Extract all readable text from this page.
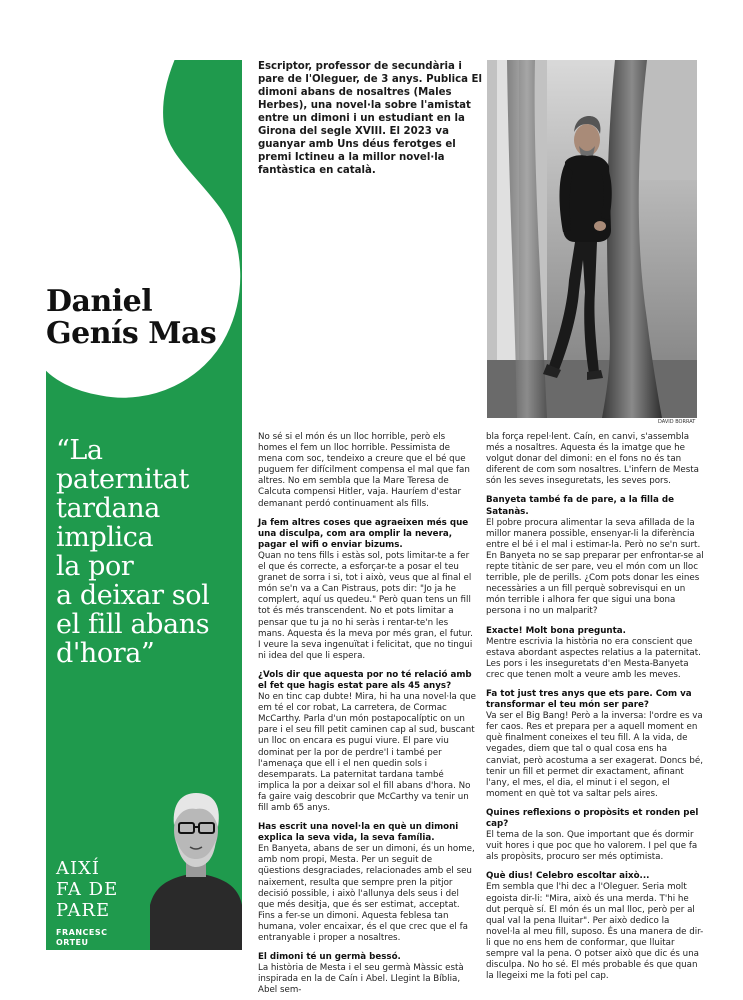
Daniel
Genís Mas
“La
paternitat
tardana
implica
la por
a deixar sol
el fill abans
d'hora”
AIXÍ
FA DE
PARE
FRANCESC
ORTEU
Escriptor, professor de secundària i
pare de l'Oleguer, de 3 anys. Publica El
dimoni abans de nosaltres (Males
Herbes), una novel·la sobre l'amistat
entre un dimoni i un estudiant en la
Girona del segle XVIII. El 2023 va
guanyar amb Uns déus ferotges el
premi Ictineu a la millor novel·la
fantàstica en català.
DAVID BORRAT

No sé si el món és un lloc horrible, però els homes el fem un lloc horrible. Pessimista de mena com soc, tendeixo a creure que el bé que puguem fer difícilment compensa el mal que fan altres. No em sembla que la Mare Teresa de Calcuta compensi Hitler, vaja. Hauríem d'estar demanant perdó continuament als fills.

Ja fem altres coses que agraeixen més que una disculpa, com ara omplir la nevera, pagar el wifi o enviar bizums.

Quan no tens fills i estàs sol, pots limitar-te a fer el que és correcte, a esforçar-te a posar el teu granet de sorra i si, tot i això, veus que al final el món se'n va a Can Pistraus, pots dir: "Jo ja he complert, aquí us quedeu." Però quan tens un fill tot és més transcendent. No et pots limitar a pensar que tu ja no hi seràs i rentar-te'n les mans. Aquesta és la meva por més gran, el futur. I veure la seva ingenuïtat i felicitat, que no tingui ni idea del que li espera.

¿Vols dir que aquesta por no té relació amb el fet que hagis estat pare als 45 anys?

No en tinc cap dubte! Mira, hi ha una novel·la que em té el cor robat, La carretera, de Cormac McCarthy. Parla d'un món postapocalíptic on un pare i el seu fill petit caminen cap al sud, buscant un lloc on encara es pugui viure. El pare viu dominat per la por de perdre'l i també per l'amenaça que ell i el nen quedin sols i desemparats. La paternitat tardana també implica la por a deixar sol el fill abans d'hora. No fa gaire vaig descobrir que McCarthy va tenir un fill amb 65 anys.

Has escrit una novel·la en què un dimoni explica la seva vida, la seva família.

En Banyeta, abans de ser un dimoni, és un home, amb nom propi, Mesta. Per un seguit de qüestions desgraciades, relacionades amb el seu naixement, resulta que sempre pren la pitjor decisió possible, i això l'allunya dels seus i del que més desitja, que és ser estimat, acceptat. Fins a fer-se un dimoni. Aquesta feblesa tan humana, voler encaixar, és el que crec que el fa entranyable i proper a nosaltres.

El dimoni té un germà bessó.

La història de Mesta i el seu germà Màssic està inspirada en la de Caín i Abel. Llegint la Bíblia, Abel sem-

bla força repel·lent. Caín, en canvi, s'assembla més a nosaltres. Aquesta és la imatge que he volgut donar del dimoni: en el fons no és tan diferent de com som nosaltres. L'infern de Mesta són les seves inseguretats, les seves pors.

Banyeta també fa de pare, a la filla de Satanàs.

El pobre procura alimentar la seva afillada de la millor manera possible, ensenyar-li la diferència entre el bé i el mal i estimar-la. Però no se'n surt. En Banyeta no se sap preparar per enfrontar-se al repte titànic de ser pare, veu el món com un lloc terrible, ple de perills. ¿Com pots donar les eines necessàries a un fill perquè sobrevisqui en un món terrible i alhora fer que sigui una bona persona i no un malparit?

Exacte! Molt bona pregunta.

Mentre escrivia la història no era conscient que estava abordant aspectes relatius a la paternitat. Les pors i les inseguretats d'en Mesta-Banyeta crec que tenen molt a veure amb les meves.

Fa tot just tres anys que ets pare. Com va transformar el teu món ser pare?

Va ser el Big Bang! Però a la inversa: l'ordre es va fer caos. Res et prepara per a aquell moment en què finalment coneixes el teu fill. A la vida, de vegades, diem que tal o qual cosa ens ha canviat, però acostuma a ser exagerat. Doncs bé, tenir un fill et permet dir exactament, afinant l'any, el mes, el dia, el minut i el segon, el moment en què tot va saltar pels aires.

Quines reflexions o propòsits et ronden pel cap?

El tema de la son. Que important que és dormir vuit hores i que poc que ho valorem. I pel que fa als propòsits, procuro ser més optimista.

Què dius! Celebro escoltar això...

Em sembla que l'hi dec a l'Oleguer. Seria molt egoista dir-li: "Mira, això és una merda. T'hi he dut perquè sí. El món és un mal lloc, però per al qual val la pena lluitar". Per això dedico la novel·la al meu fill, suposo. És una manera de dir-li que no ens hem de conformar, que lluitar sempre val la pena. O potser això que dic és una disculpa. No ho sé. El més probable és que quan la llegeixi me la foti pel cap.
